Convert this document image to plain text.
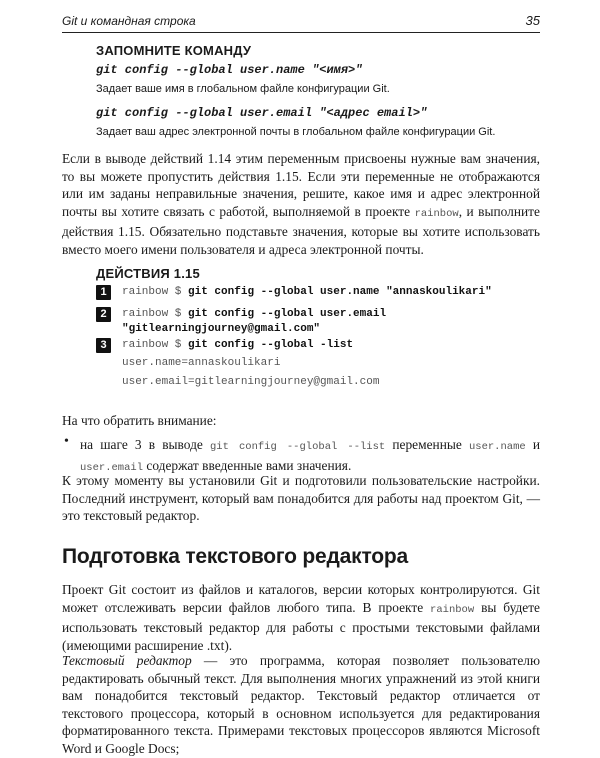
Git и командная строка	35
ЗАПОМНИТЕ КОМАНДУ
git config --global user.name "<имя>"
Задает ваше имя в глобальном файле конфигурации Git.
git config --global user.email "<адрес email>"
Задает ваш адрес электронной почты в глобальном файле конфигурации Git.

Если в выводе действий 1.14 этим переменным присвоены нужные вам значения, то вы можете пропустить действия 1.15. Если эти переменные не отображаются или им заданы неправильные значения, решите, какое имя и адрес электронной почты вы хотите связать с работой, выполняемой в проекте rainbow, и выполните действия 1.15. Обязательно подставьте значения, которые вы хотите использовать вместо моего имени пользователя и адреса электронной почты.

ДЕЙСТВИЯ 1.15
1	rainbow $ git config --global user.name "annaskoulikari"
2	rainbow $ git config --global user.email
"gitlearningjourney@gmail.com"
3	rainbow $ git config --global -list
user.name=annaskoulikari
user.email=gitlearningjourney@gmail.com
На что обратить внимание:
• на шаге 3 в выводе git config --global --list переменные user.name и user.email содержат введенные вами значения.

К этому моменту вы установили Git и подготовили пользовательские настройки. Последний инструмент, который вам понадобится для работы над проектом Git, — это текстовый редактор.

Подготовка текстового редактора

Проект Git состоит из файлов и каталогов, версии которых контролируются. Git может отслеживать версии файлов любого типа. В проекте rainbow вы будете использовать текстовый редактор для работы с простыми текстовыми файлами (имеющими расширение .txt).

Текстовый редактор — это программа, которая позволяет пользователю редактировать обычный текст. Для выполнения многих упражнений из этой книги вам понадобится текстовый редактор. Текстовый редактор отличается от текстового процессора, который в основном используется для редактирования форматированного текста. Примерами текстовых процессоров являются Microsoft Word и Google Docs;
